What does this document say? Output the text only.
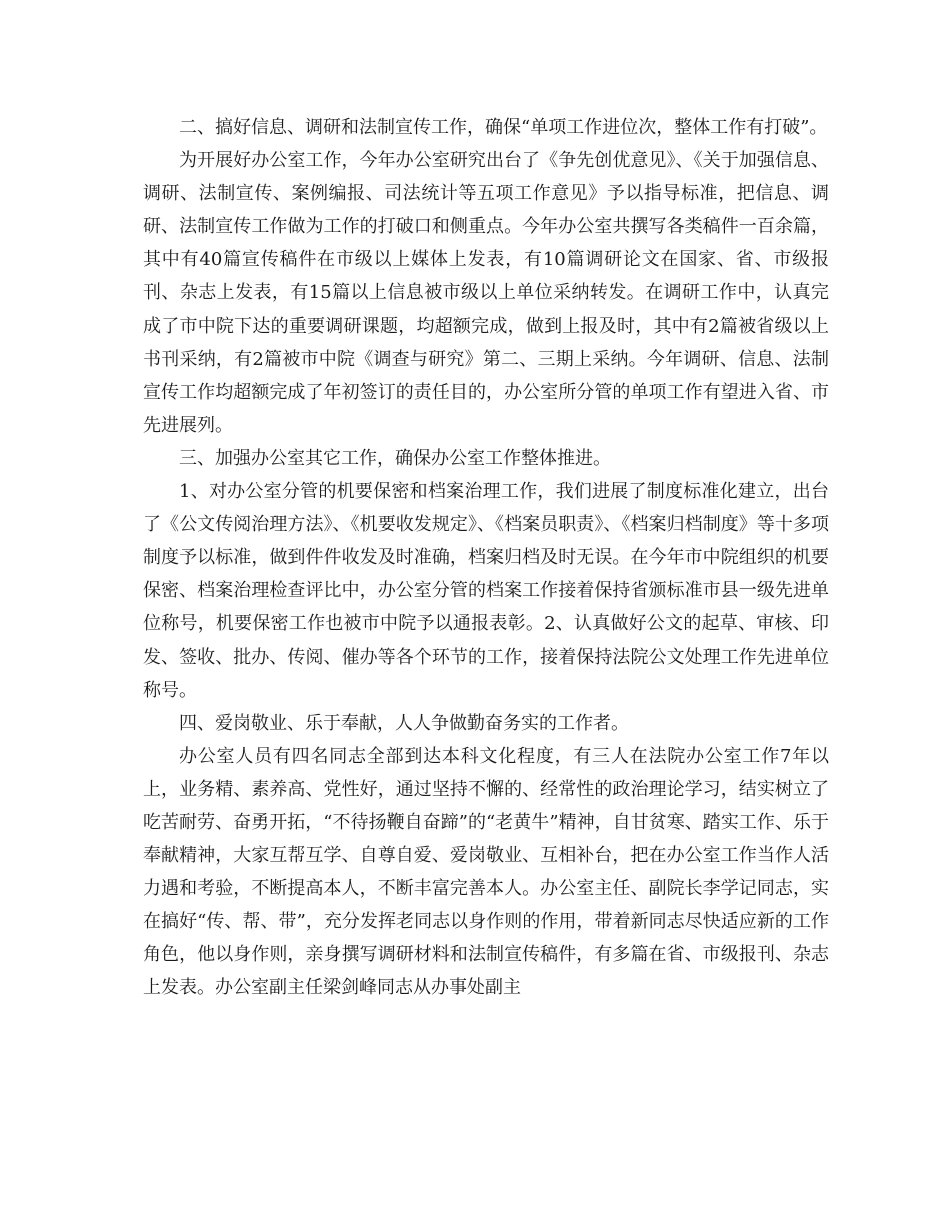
二、搞好信息、调研和法制宣传工作，确保“单项工作进位次，整体工作有打破”。

为开展好办公室工作，今年办公室研究出台了《争先创优意见》、《关于加强信息、调研、法制宣传、案例编报、司法统计等五项工作意见》予以指导标准，把信息、调研、法制宣传工作做为工作的打破口和侧重点。今年办公室共撰写各类稿件一百余篇，其中有40篇宣传稿件在市级以上媒体上发表，有10篇调研论文在国家、省、市级报刊、杂志上发表，有15篇以上信息被市级以上单位采纳转发。在调研工作中，认真完成了市中院下达的重要调研课题，均超额完成，做到上报及时，其中有2篇被省级以上书刊采纳，有2篇被市中院《调查与研究》第二、三期上采纳。今年调研、信息、法制宣传工作均超额完成了年初签订的责任目的，办公室所分管的单项工作有望进入省、市先进展列。

三、加强办公室其它工作，确保办公室工作整体推进。

1、对办公室分管的机要保密和档案治理工作，我们进展了制度标准化建立，出台了《公文传阅治理方法》、《机要收发规定》、《档案员职责》、《档案归档制度》等十多项制度予以标准，做到件件收发及时准确，档案归档及时无误。在今年市中院组织的机要保密、档案治理检查评比中，办公室分管的档案工作接着保持省颁标准市县一级先进单位称号，机要保密工作也被市中院予以通报表彰。2、认真做好公文的起草、审核、印发、签收、批办、传阅、催办等各个环节的工作，接着保持法院公文处理工作先进单位称号。

四、爱岗敬业、乐于奉献，人人争做勤奋务实的工作者。

办公室人员有四名同志全部到达本科文化程度，有三人在法院办公室工作7年以上，业务精、素养高、党性好，通过坚持不懈的、经常性的政治理论学习，结实树立了吃苦耐劳、奋勇开拓，“不待扬鞭自奋蹄”的“老黄牛”精神，自甘贫寒、踏实工作、乐于奉献精神，大家互帮互学、自尊自爱、爱岗敬业、互相补台，把在办公室工作当作人活力遇和考验，不断提高本人，不断丰富完善本人。办公室主任、副院长李学记同志，实在搞好“传、帮、带”，充分发挥老同志以身作则的作用，带着新同志尽快适应新的工作角色，他以身作则，亲身撰写调研材料和法制宣传稿件，有多篇在省、市级报刊、杂志上发表。办公室副主任梁剑峰同志从办事处副主
